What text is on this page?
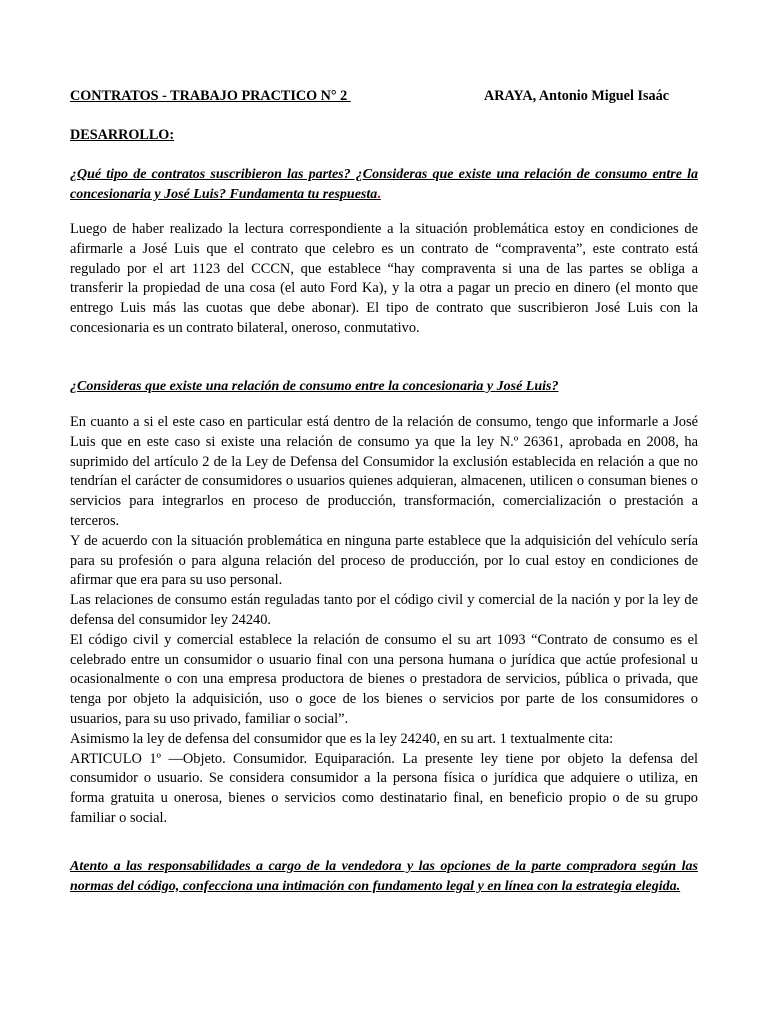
CONTRATOS - TRABAJO PRACTICO N° 2	ARAYA, Antonio Miguel Isaác
DESARROLLO:
¿Qué tipo de contratos suscribieron las partes? ¿Consideras que existe una relación de consumo entre la concesionaria y José Luis? Fundamenta tu respuesta.

Luego de haber realizado la lectura correspondiente a la situación problemática estoy en condiciones de afirmarle a José Luis que el contrato que celebro es un contrato de “compraventa”, este contrato está regulado por el art 1123 del CCCN, que establece “hay compraventa si una de las partes se obliga a transferir la propiedad de una cosa (el auto Ford Ka), y la otra a pagar un precio en dinero (el monto que entrego Luis más las cuotas que debe abonar). El tipo de contrato que suscribieron José Luis con la concesionaria es un contrato bilateral, oneroso, conmutativo.

¿Consideras que existe una relación de consumo entre la concesionaria y José Luis?

En cuanto a si el este caso en particular está dentro de la relación de consumo, tengo que informarle a José Luis que en este caso si existe una relación de consumo ya que la ley N.º 26361, aprobada en 2008, ha suprimido del artículo 2 de la Ley de Defensa del Consumidor la exclusión establecida en relación a que no tendrían el carácter de consumidores o usuarios quienes adquieran, almacenen, utilicen o consuman bienes o servicios para integrarlos en proceso de producción, transformación, comercialización o prestación a terceros.

Y de acuerdo con la situación problemática en ninguna parte establece que la adquisición del vehículo sería para su profesión o para alguna relación del proceso de producción, por lo cual estoy en condiciones de afirmar que era para su uso personal.

Las relaciones de consumo están reguladas tanto por el código civil y comercial de la nación y por la ley de defensa del consumidor ley 24240.

El código civil y comercial establece la relación de consumo el su art 1093 “Contrato de consumo es el celebrado entre un consumidor o usuario final con una persona humana o jurídica que actúe profesional u ocasionalmente o con una empresa productora de bienes o prestadora de servicios, pública o privada, que tenga por objeto la adquisición, uso o goce de los bienes o servicios por parte de los consumidores o usuarios, para su uso privado, familiar o social”.

Asimismo la ley de defensa del consumidor que es la ley 24240, en su art. 1 textualmente cita:

ARTICULO 1º —Objeto. Consumidor. Equiparación. La presente ley tiene por objeto la defensa del consumidor o usuario. Se considera consumidor a la persona física o jurídica que adquiere o utiliza, en forma gratuita u onerosa, bienes o servicios como destinatario final, en beneficio propio o de su grupo familiar o social.

Atento a las responsabilidades a cargo de la vendedora y las opciones de la parte compradora según las normas del código, confecciona una intimación con fundamento legal y en línea con la estrategia elegida.
